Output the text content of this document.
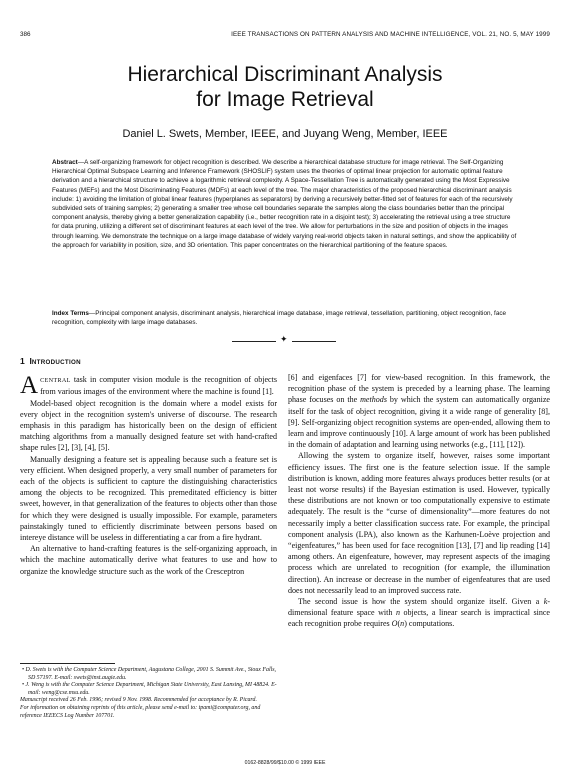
386	IEEE TRANSACTIONS ON PATTERN ANALYSIS AND MACHINE INTELLIGENCE, VOL. 21, NO. 5, MAY 1999
Hierarchical Discriminant Analysis
for Image Retrieval
Daniel L. Swets, Member, IEEE, and Juyang Weng, Member, IEEE
Abstract—A self-organizing framework for object recognition is described. We describe a hierarchical database structure for image retrieval. The Self-Organizing Hierarchical Optimal Subspace Learning and Inference Framework (SHOSLIF) system uses the theories of optimal linear projection for automatic optimal feature derivation and a hierarchical structure to achieve a logarithmic retrieval complexity. A Space-Tessellation Tree is automatically generated using the Most Expressive Features (MEFs) and the Most Discriminating Features (MDFs) at each level of the tree. The major characteristics of the proposed hierarchical discriminant analysis include: 1) avoiding the limitation of global linear features (hyperplanes as separators) by deriving a recursively better-fitted set of features for each of the recursively subdivided sets of training samples; 2) generating a smaller tree whose cell boundaries separate the samples along the class boundaries better than the principal component analysis, thereby giving a better generalization capability (i.e., better recognition rate in a disjoint test); 3) accelerating the retrieval using a tree structure for data pruning, utilizing a different set of discriminant features at each level of the tree. We allow for perturbations in the size and position of objects in the images through learning. We demonstrate the technique on a large image database of widely varying real-world objects taken in natural settings, and show the applicability of the approach for variability in position, size, and 3D orientation. This paper concentrates on the hierarchical partitioning of the feature spaces.
Index Terms—Principal component analysis, discriminant analysis, hierarchical image database, image retrieval, tessellation, partitioning, object recognition, face recognition, complexity with large image databases.
✦
1 INTRODUCTION

ACENTRAL task in computer vision module is the recognition of objects from various images of the environment where the machine is found [1].

Model-based object recognition is the domain where a model exists for every object in the recognition system's universe of discourse. The research emphasis in this paradigm has historically been on the design of efficient matching algorithms from a manually designed feature set with hand-crafted shape rules [2], [3], [4], [5].

Manually designing a feature set is appealing because such a feature set is very efficient. When designed properly, a very small number of parameters for each of the objects is sufficient to capture the distinguishing characteristics among the objects to be recognized. This premeditated efficiency is bitter sweet, however, in that generalization of the features to objects other than those for which they were designed is usually impossible. For example, parameters painstakingly tuned to efficiently discriminate between persons based on intereye distance will be useless in differentiating a car from a fire hydrant.

An alternative to hand-crafting features is the self-organizing approach, in which the machine automatically derive what features to use and how to organize the knowledge structure such as the work of the Cresceptron

• D. Swets is with the Computer Science Department, Augustana College, 2001 S. Summit Ave., Sioux Falls, SD 57197. E-mail: swets@inst.augie.edu.

• J. Weng is with the Computer Science Department, Michigan State University, East Lansing, MI 48824. E-mail: weng@cse.msu.edu.

Manuscript received 26 Feb. 1996; revised 9 Nov. 1998. Recommended for acceptance by R. Picard.

For information on obtaining reprints of this article, please send e-mail to: tpami@computer.org, and reference IEEECS Log Number 107701.

[6] and eigenfaces [7] for view-based recognition. In this framework, the recognition phase of the system is preceded by a learning phase. The learning phase focuses on the methods by which the system can automatically organize itself for the task of object recognition, giving it a wide range of generality [8], [9]. Self-organizing object recognition systems are open-ended, allowing them to learn and improve continuously [10]. A large amount of work has been published in the domain of adaptation and learning using networks (e.g., [11], [12]).

Allowing the system to organize itself, however, raises some important efficiency issues. The first one is the feature selection issue. If the sample distribution is known, adding more features always produces better results (or at least not worse results) if the Bayesian estimation is used. However, typically these distributions are not known or too computationally expensive to estimate adequately. The result is the “curse of dimensionality”—more features do not necessarily imply a better classification success rate. For example, the principal component analysis (LPA), also known as the Karhunen-Loève projection and “eigenfeatures,” has been used for face recognition [13], [7] and lip reading [14] among others. An eigenfeature, however, may represent aspects of the imaging process which are unrelated to recognition (for example, the illumination direction). An increase or decrease in the number of eigenfeatures that are used does not necessarily lead to an improved success rate.

The second issue is how the system should organize itself. Given a k-dimensional feature space with n objects, a linear search is impractical since each recognition probe requires O(n) computations.

0162-8828/99/$10.00 © 1999 IEEE
